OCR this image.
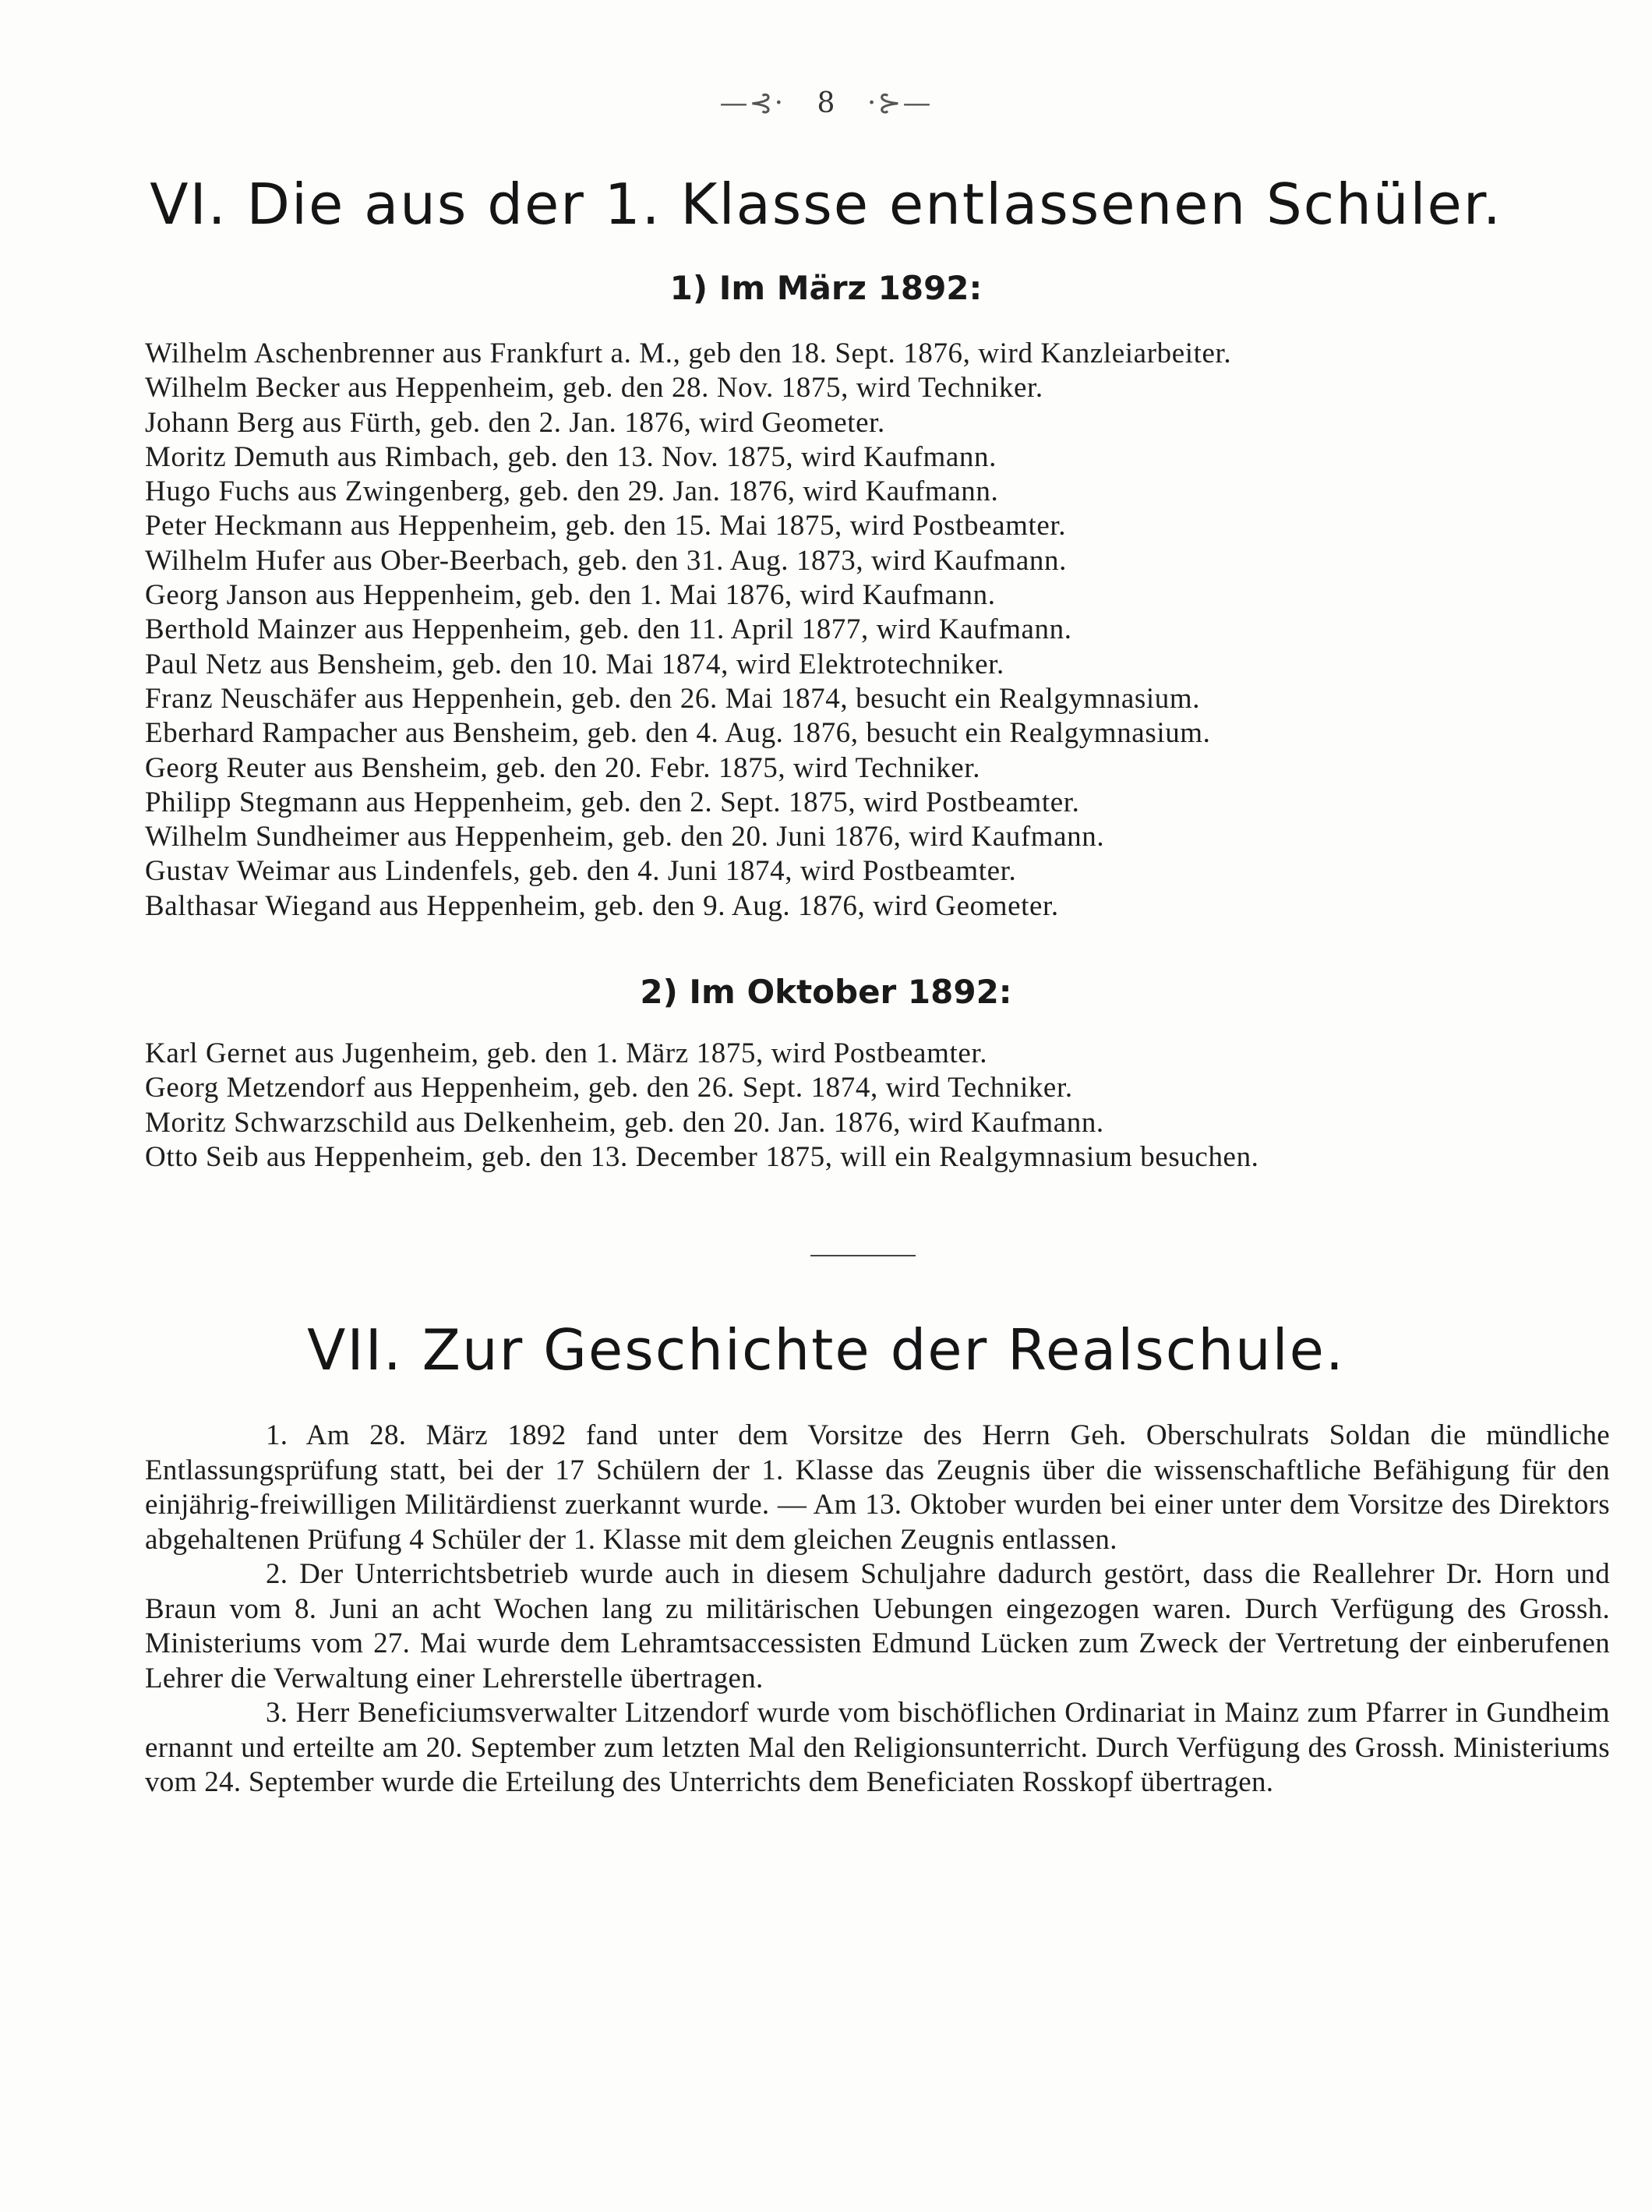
—⊰· 8 ·⊱—
VI. Die aus der 1. Klasse entlassenen Schüler.
1) Im März 1892:
Wilhelm Aschenbrenner aus Frankfurt a. M., geb den 18. Sept. 1876, wird Kanzleiarbeiter.
Wilhelm Becker aus Heppenheim, geb. den 28. Nov. 1875, wird Techniker.
Johann Berg aus Fürth, geb. den 2. Jan. 1876, wird Geometer.
Moritz Demuth aus Rimbach, geb. den 13. Nov. 1875, wird Kaufmann.
Hugo Fuchs aus Zwingenberg, geb. den 29. Jan. 1876, wird Kaufmann.
Peter Heckmann aus Heppenheim, geb. den 15. Mai 1875, wird Postbeamter.
Wilhelm Hufer aus Ober-Beerbach, geb. den 31. Aug. 1873, wird Kaufmann.
Georg Janson aus Heppenheim, geb. den 1. Mai 1876, wird Kaufmann.
Berthold Mainzer aus Heppenheim, geb. den 11. April 1877, wird Kaufmann.
Paul Netz aus Bensheim, geb. den 10. Mai 1874, wird Elektrotechniker.
Franz Neuschäfer aus Heppenhein, geb. den 26. Mai 1874, besucht ein Realgymnasium.
Eberhard Rampacher aus Bensheim, geb. den 4. Aug. 1876, besucht ein Realgymnasium.
Georg Reuter aus Bensheim, geb. den 20. Febr. 1875, wird Techniker.
Philipp Stegmann aus Heppenheim, geb. den 2. Sept. 1875, wird Postbeamter.
Wilhelm Sundheimer aus Heppenheim, geb. den 20. Juni 1876, wird Kaufmann.
Gustav Weimar aus Lindenfels, geb. den 4. Juni 1874, wird Postbeamter.
Balthasar Wiegand aus Heppenheim, geb. den 9. Aug. 1876, wird Geometer.
2) Im Oktober 1892:
Karl Gernet aus Jugenheim, geb. den 1. März 1875, wird Postbeamter.
Georg Metzendorf aus Heppenheim, geb. den 26. Sept. 1874, wird Techniker.
Moritz Schwarzschild aus Delkenheim, geb. den 20. Jan. 1876, wird Kaufmann.
Otto Seib aus Heppenheim, geb. den 13. December 1875, will ein Realgymnasium besuchen.
VII. Zur Geschichte der Realschule.

1. Am 28. März 1892 fand unter dem Vorsitze des Herrn Geh. Oberschulrats Soldan die mündliche Entlassungsprüfung statt, bei der 17 Schülern der 1. Klasse das Zeugnis über die wissenschaftliche Befähigung für den einjährig-freiwilligen Militärdienst zuerkannt wurde. — Am 13. Oktober wurden bei einer unter dem Vorsitze des Direktors abgehaltenen Prüfung 4 Schüler der 1. Klasse mit dem gleichen Zeugnis entlassen.

2. Der Unterrichtsbetrieb wurde auch in diesem Schuljahre dadurch gestört, dass die Reallehrer Dr. Horn und Braun vom 8. Juni an acht Wochen lang zu militärischen Uebungen eingezogen waren. Durch Verfügung des Grossh. Ministeriums vom 27. Mai wurde dem Lehramtsaccessisten Edmund Lücken zum Zweck der Vertretung der einberufenen Lehrer die Verwaltung einer Lehrerstelle übertragen.

3. Herr Beneficiumsverwalter Litzendorf wurde vom bischöflichen Ordinariat in Mainz zum Pfarrer in Gundheim ernannt und erteilte am 20. September zum letzten Mal den Religionsunterricht. Durch Verfügung des Grossh. Ministeriums vom 24. September wurde die Erteilung des Unterrichts dem Beneficiaten Rosskopf übertragen.
